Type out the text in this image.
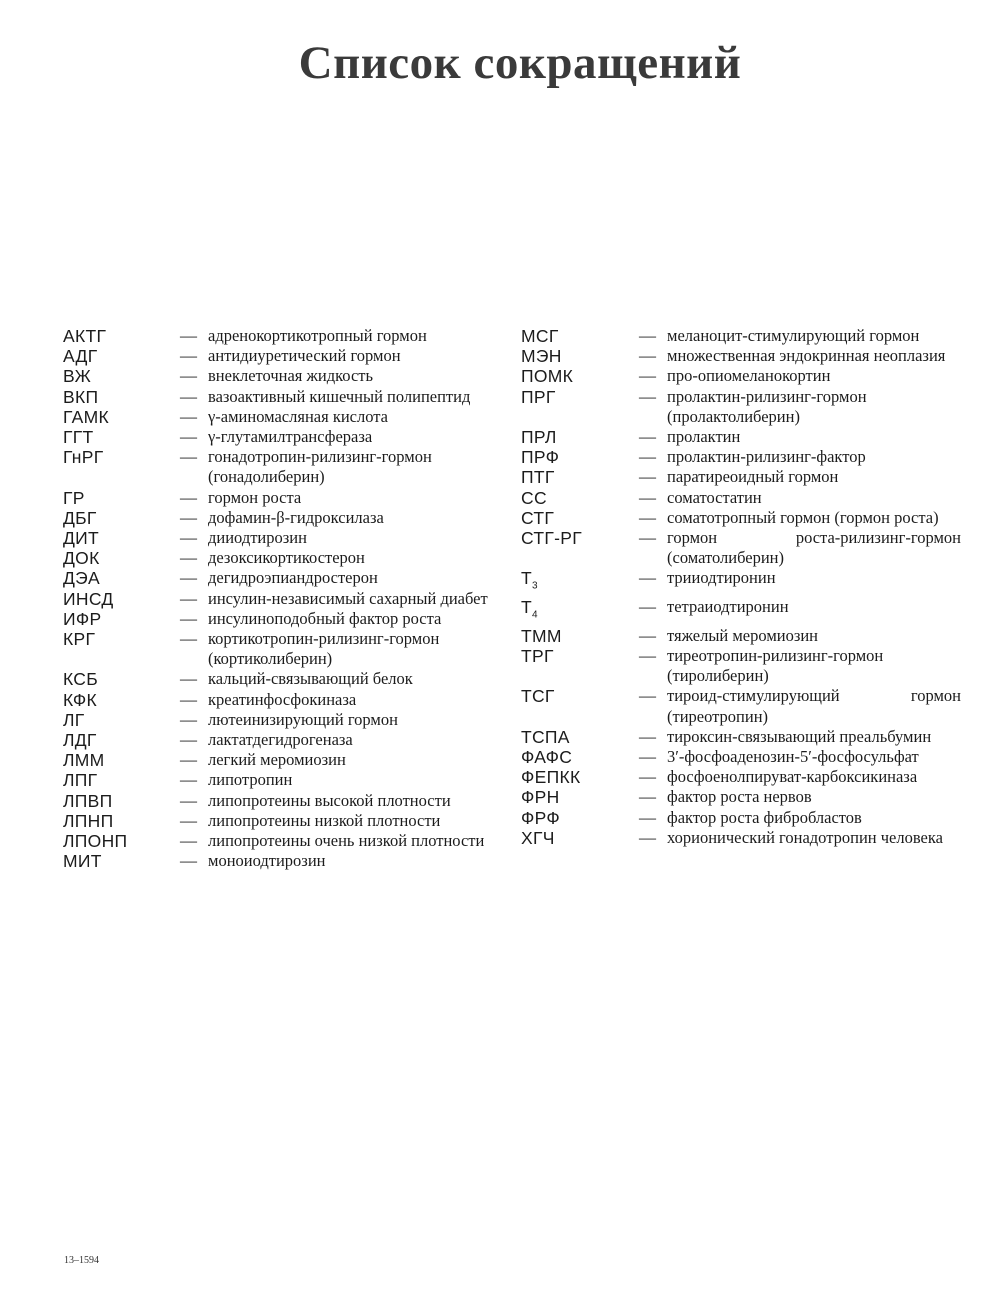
Список сокращений
АКТГ	— адренокортикотропный гормон
АДГ	— антидиуретический гормон
ВЖ	— внеклеточная жидкость
ВКП	— вазоактивный кишечный полипептид
ГАМК	— γ-аминомасляная кислота
ГГТ	— γ-глутамилтрансфераза
ГнРГ	— гонадотропин-рилизинг-гормон (гонадолиберин)
ГР	— гормон роста
ДБГ	— дофамин-β-гидроксилаза
ДИТ	— дииодтирозин
ДОК	— дезоксикортикостерон
ДЭА	— дегидроэпиандростерон
ИНСД	— инсулин-независимый сахарный диабет
ИФР	— инсулиноподобный фактор роста
КРГ	— кортикотропин-рилизинг-гормон (кортиколиберин)
КСБ	— кальций-связывающий белок
КФК	— креатинфосфокиназа
ЛГ	— лютеинизирующий гормон
ЛДГ	— лактатдегидрогеназа
ЛММ	— легкий меромиозин
ЛПГ	— липотропин
ЛПВП	— липопротеины высокой плотности
ЛПНП	— липопротеины низкой плотности
ЛПОНП	— липопротеины очень низкой плотности
МИТ	— моноиодтирозин
МСГ	— меланоцит-стимулирующий гормон
МЭН	— множественная эндокринная неоплазия
ПОМК	— про-опиомеланокортин
ПРГ	— пролактин-рилизинг-гормон (пролактолиберин)
ПРЛ	— пролактин
ПРФ	— пролактин-рилизинг-фактор
ПТГ	— паратиреоидный гормон
СС	— соматостатин
СТГ	— соматотропный гормон (гормон роста)
СТГ-РГ	— гормон роста-рилизинг-гормон (соматолиберин)
$Т_3$	— трииодтиронин
$Т_4$	— тетраиодтиронин
ТММ	— тяжелый меромиозин
ТРГ	— тиреотропин-рилизинг-гормон (тиролиберин)
ТСГ	— тироид-стимулирующий гормон (тиреотропин)
ТСПА	— тироксин-связывающий преальбумин
ФАФС	— 3′-фосфоаденозин-5′-фосфосульфат
ФЕПКК	— фосфоенолпируват-карбоксикиназа
ФРН	— фактор роста нервов
ФРФ	— фактор роста фибробластов
ХГЧ	— хорионический гонадотропин человека
13–1594
